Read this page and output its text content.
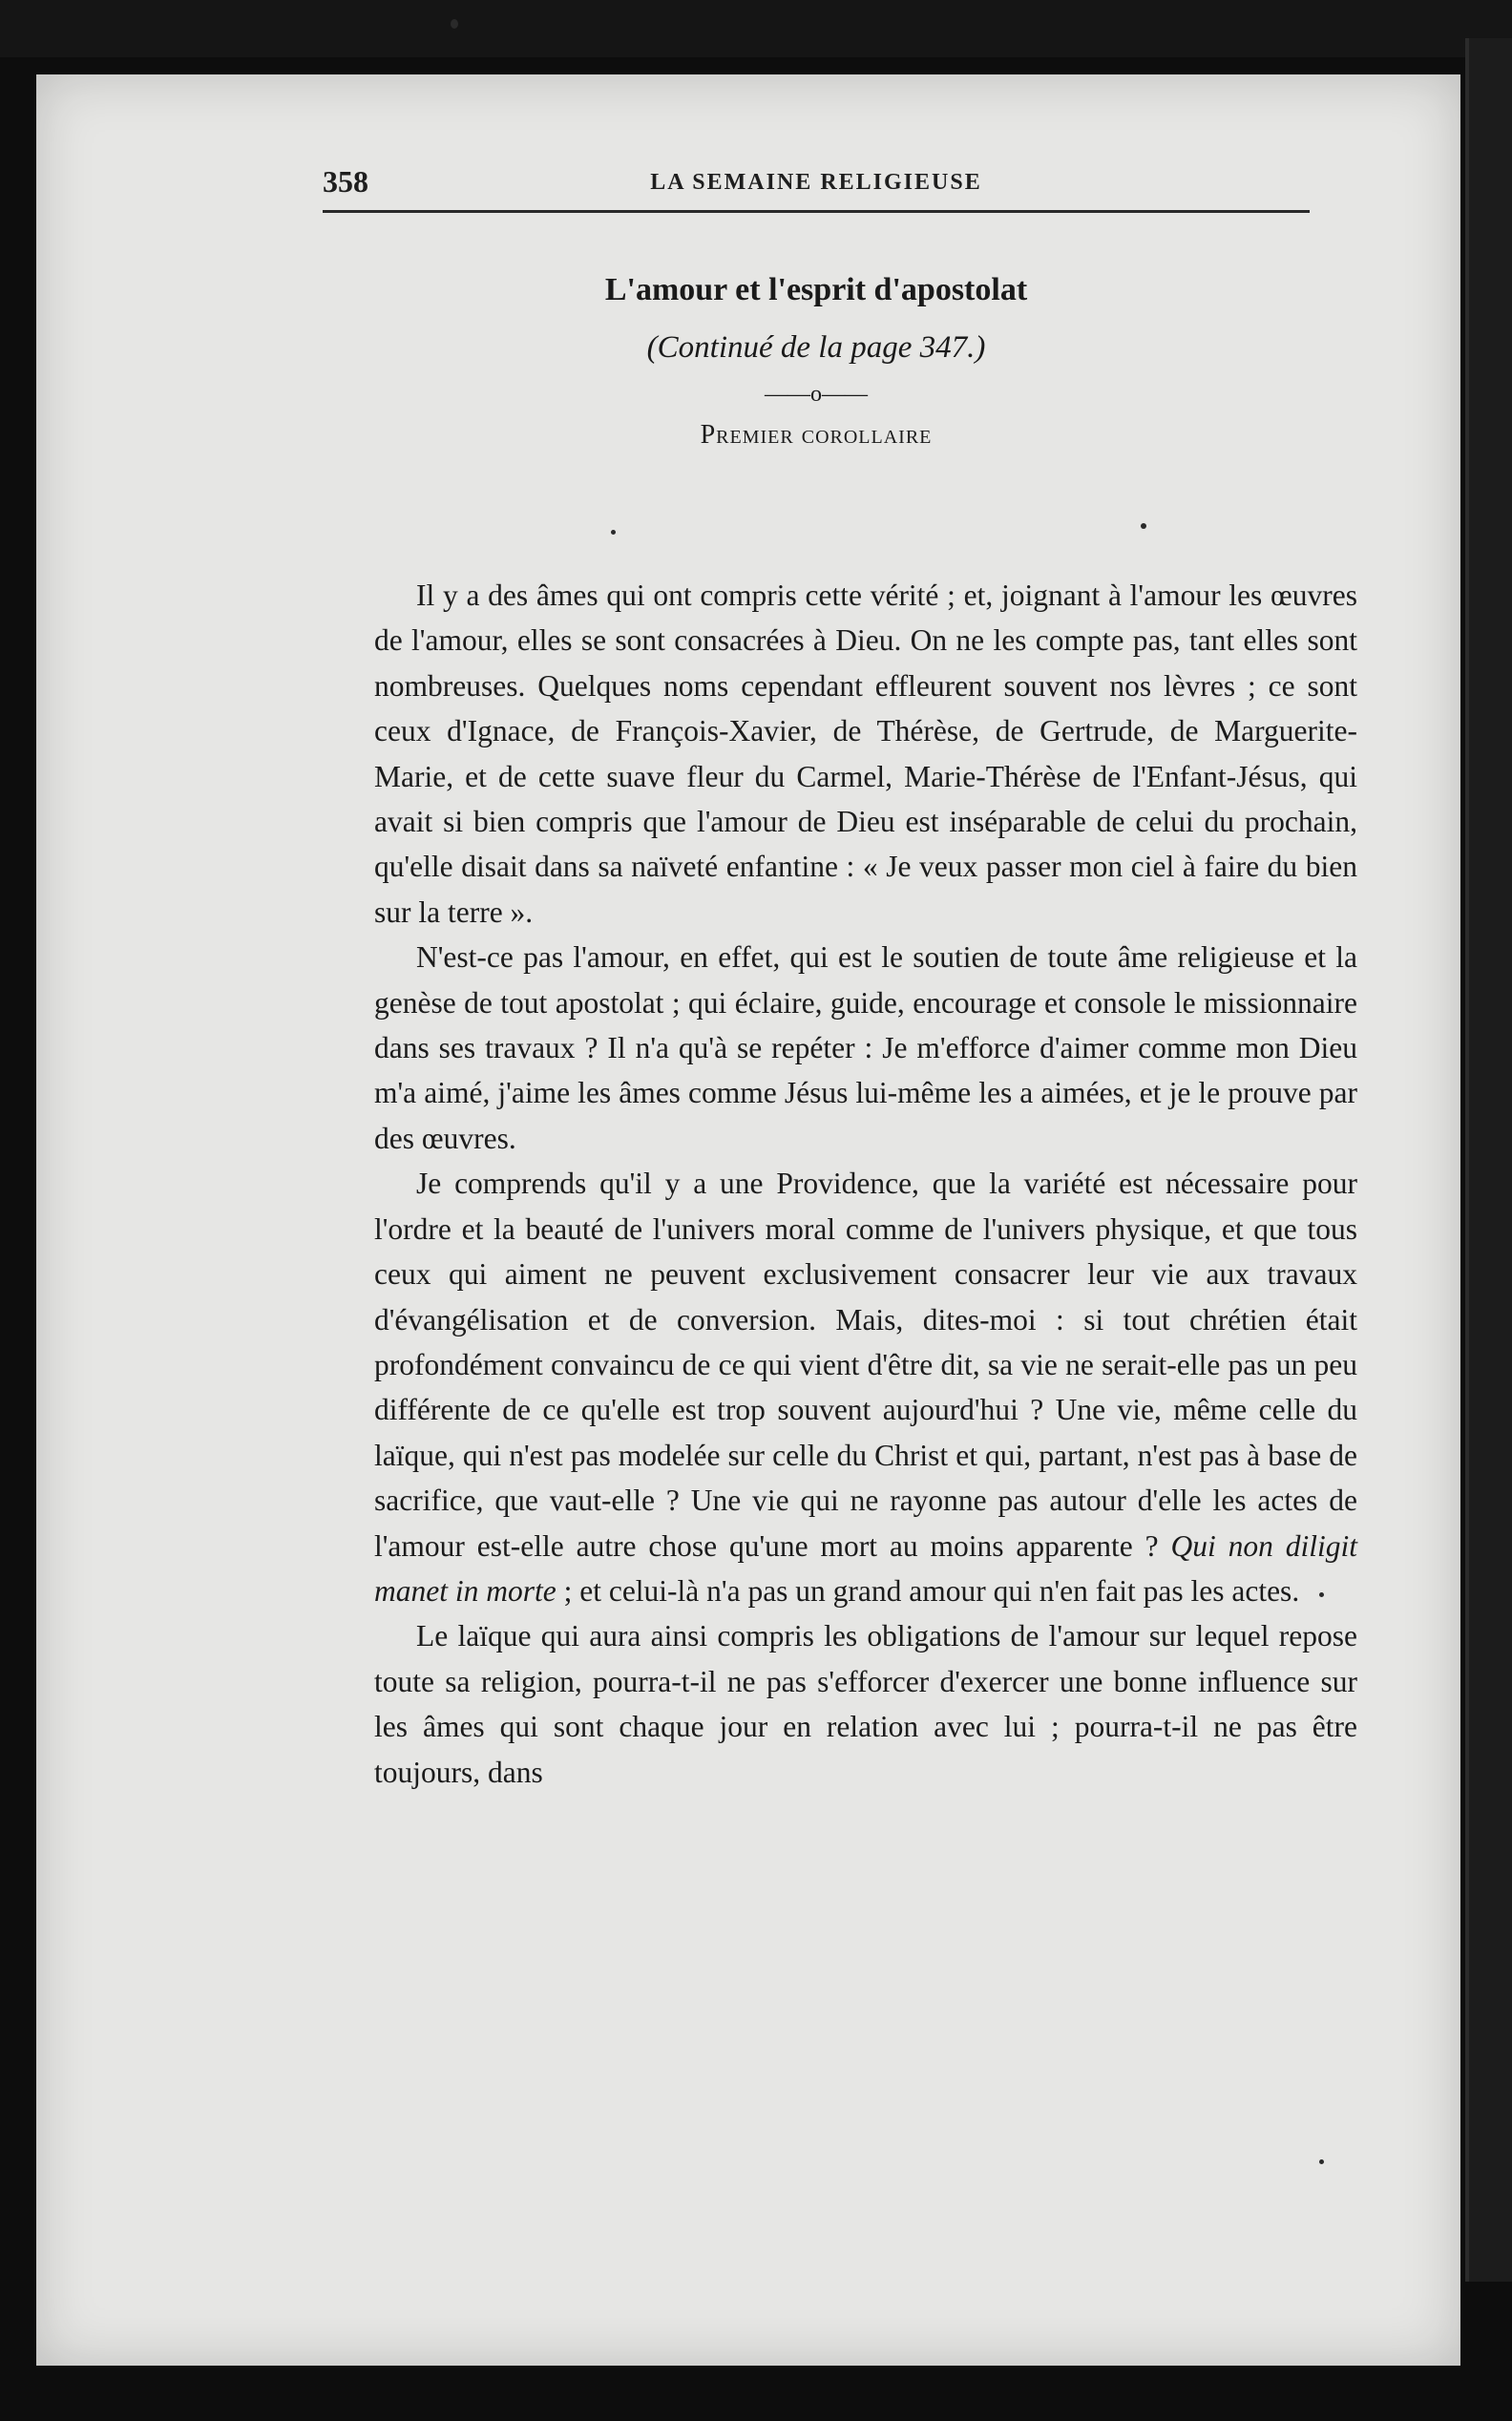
358	LA SEMAINE RELIGIEUSE
L'amour et l'esprit d'apostolat
(Continué de la page 347.)
——o——
Premier corollaire

Il y a des âmes qui ont compris cette vérité ; et, joignant à l'amour les œuvres de l'amour, elles se sont consacrées à Dieu. On ne les compte pas, tant elles sont nombreuses. Quelques noms cependant effleurent souvent nos lèvres ; ce sont ceux d'Ignace, de François-Xavier, de Thérèse, de Gertrude, de Marguerite-Marie, et de cette suave fleur du Carmel, Marie-Thérèse de l'Enfant-Jésus, qui avait si bien compris que l'amour de Dieu est inséparable de celui du prochain, qu'elle disait dans sa naïveté enfantine : « Je veux passer mon ciel à faire du bien sur la terre ».

N'est-ce pas l'amour, en effet, qui est le soutien de toute âme religieuse et la genèse de tout apostolat ; qui éclaire, guide, encourage et console le missionnaire dans ses travaux ? Il n'a qu'à se repéter : Je m'efforce d'aimer comme mon Dieu m'a aimé, j'aime les âmes comme Jésus lui-même les a aimées, et je le prouve par des œuvres.

Je comprends qu'il y a une Providence, que la variété est nécessaire pour l'ordre et la beauté de l'univers moral comme de l'univers physique, et que tous ceux qui aiment ne peuvent exclusivement consacrer leur vie aux travaux d'évangélisation et de conversion. Mais, dites-moi : si tout chrétien était profondément convaincu de ce qui vient d'être dit, sa vie ne serait-elle pas un peu différente de ce qu'elle est trop souvent aujourd'hui ? Une vie, même celle du laïque, qui n'est pas modelée sur celle du Christ et qui, partant, n'est pas à base de sacrifice, que vaut-elle ? Une vie qui ne rayonne pas autour d'elle les actes de l'amour est-elle autre chose qu'une mort au moins apparente ? Qui non diligit manet in morte ; et celui-là n'a pas un grand amour qui n'en fait pas les actes.

Le laïque qui aura ainsi compris les obligations de l'amour sur lequel repose toute sa religion, pourra-t-il ne pas s'efforcer d'exercer une bonne influence sur les âmes qui sont chaque jour en relation avec lui ; pourra-t-il ne pas être toujours, dans
